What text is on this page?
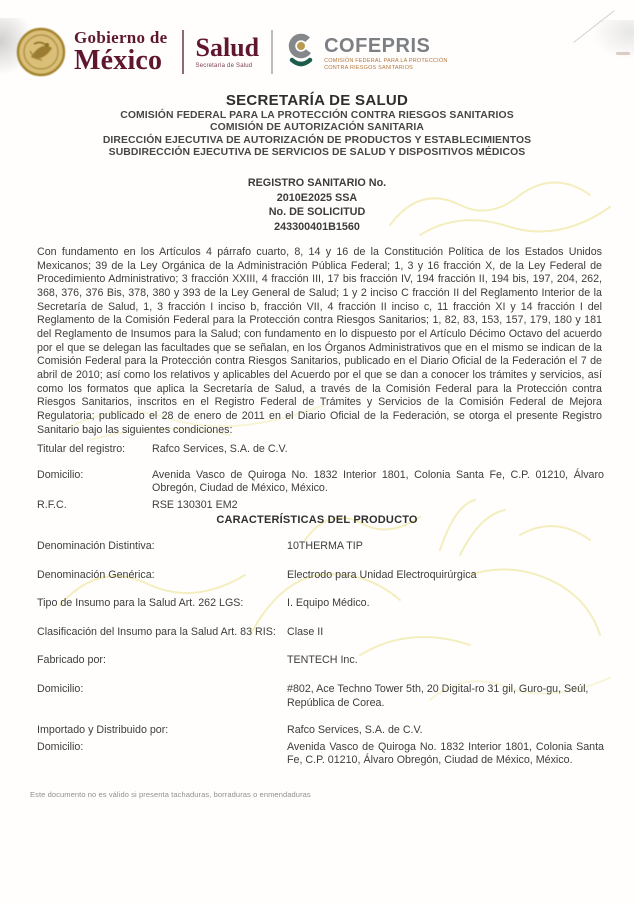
Gobierno de
México Salud
Secretaría de Salud
COFEPRIS
COMISIÓN FEDERAL PARA LA PROTECCIÓN
CONTRA RIESGOS SANITARIOS
SECRETARÍA DE SALUD
COMISIÓN FEDERAL PARA LA PROTECCIÓN CONTRA RIESGOS SANITARIOS
COMISIÓN DE AUTORIZACIÓN SANITARIA
DIRECCIÓN EJECUTIVA DE AUTORIZACIÓN DE PRODUCTOS Y ESTABLECIMIENTOS
SUBDIRECCIÓN EJECUTIVA DE SERVICIOS DE SALUD Y DISPOSITIVOS MÉDICOS
REGISTRO SANITARIO No.
2010E2025 SSA
No. DE SOLICITUD
243300401B1560
Con fundamento en los Artículos 4 párrafo cuarto, 8, 14 y 16 de la Constitución Política de los Estados Unidos Mexicanos; 39 de la Ley Orgánica de la Administración Pública Federal; 1, 3 y 16 fracción X, de la Ley Federal de Procedimiento Administrativo; 3 fracción XXIII, 4 fracción III, 17 bis fracción IV, 194 fracción II, 194 bis, 197, 204, 262, 368, 376, 376 Bis, 378, 380 y 393 de la Ley General de Salud; 1 y 2 inciso C fracción II del Reglamento Interior de la Secretaría de Salud, 1, 3 fracción I inciso b, fracción VII, 4 fracción II inciso c, 11 fracción XI y 14 fracción I del Reglamento de la Comisión Federal para la Protección contra Riesgos Sanitarios; 1, 82, 83, 153, 157, 179, 180 y 181 del Reglamento de Insumos para la Salud; con fundamento en lo dispuesto por el Artículo Décimo Octavo del acuerdo por el que se delegan las facultades que se señalan, en los Órganos Administrativos que en el mismo se indican de la Comisión Federal para la Protección contra Riesgos Sanitarios, publicado en el Diario Oficial de la Federación el 7 de abril de 2010; así como los relativos y aplicables del Acuerdo por el que se dan a conocer los trámites y servicios, así como los formatos que aplica la Secretaría de Salud, a través de la Comisión Federal para la Protección contra Riesgos Sanitarios, inscritos en el Registro Federal de Trámites y Servicios de la Comisión Federal de Mejora Regulatoria; publicado el 28 de enero de 2011 en el Diario Oficial de la Federación, se otorga el presente Registro Sanitario bajo las siguientes condiciones:
Titular del registro:	Rafco Services, S.A. de C.V.
Domicilio:	Avenida Vasco de Quiroga No. 1832 Interior 1801, Colonia Santa Fe, C.P. 01210, Álvaro Obregón, Ciudad de México, México.
R.F.C.	RSE 130301 EM2
CARACTERÍSTICAS DEL PRODUCTO
Denominación Distintiva:	10THERMA TIP
Denominación Genérica:	Electrodo para Unidad Electroquirúrgica
Tipo de Insumo para la Salud Art. 262 LGS:	I. Equipo Médico.
Clasificación del Insumo para la Salud Art. 83 RIS:	Clase II
Fabricado por:	TENTECH Inc.
Domicilio:	#802, Ace Techno Tower 5th, 20 Digital-ro 31 gil, Guro-gu, Seúl, República de Corea.
Importado y Distribuido por:	Rafco Services, S.A. de C.V.
Domicilio:	Avenida Vasco de Quiroga No. 1832 Interior 1801, Colonia Santa Fe, C.P. 01210, Álvaro Obregón, Ciudad de México, México.
Este documento no es válido si presenta tachaduras, borraduras o enmendaduras
